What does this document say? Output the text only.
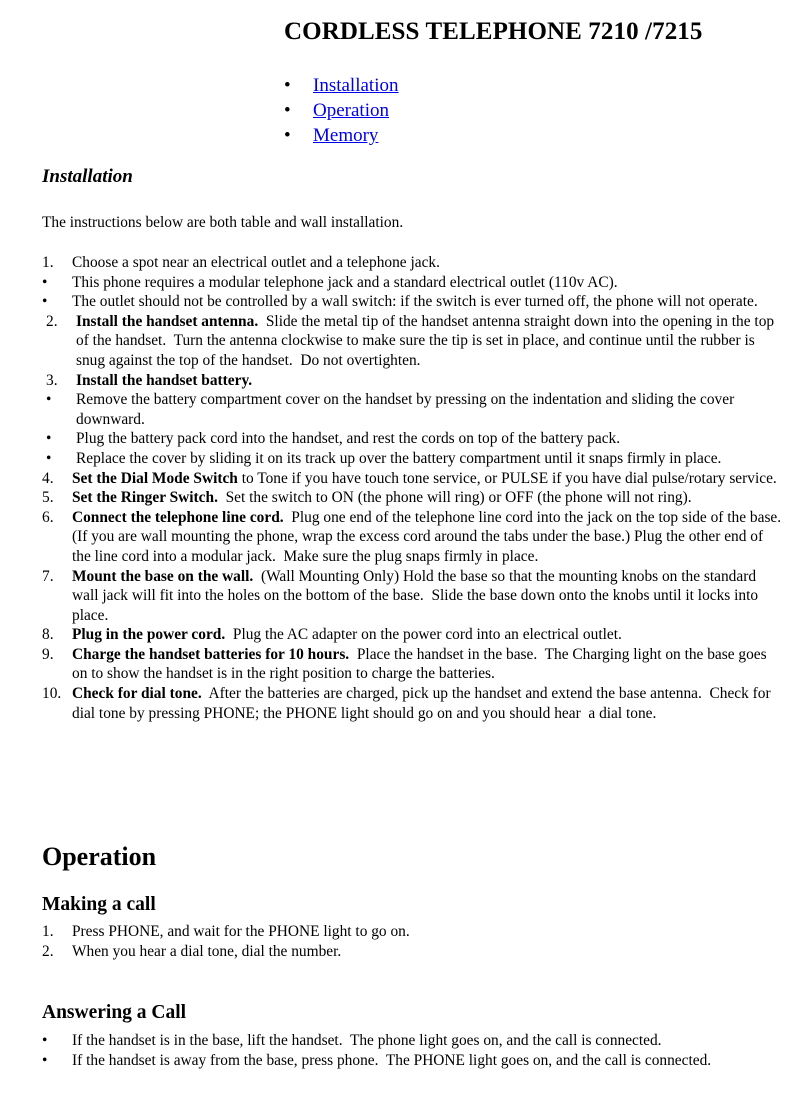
CORDLESS TELEPHONE 7210 /7215
• Installation
• Operation
• Memory
Installation

The instructions below are both table and wall installation.

1. Choose a spot near an electrical outlet and a telephone jack.
• This phone requires a modular telephone jack and a standard electrical outlet (110v AC).
• The outlet should not be controlled by a wall switch: if the switch is ever turned off, the phone will not operate.
2. Install the handset antenna.  Slide the metal tip of the handset antenna straight down into the opening in the top of the handset.  Turn the antenna clockwise to make sure the tip is set in place, and continue until the rubber is snug against the top of the handset.  Do not overtighten.
3. Install the handset battery.
• Remove the battery compartment cover on the handset by pressing on the indentation and sliding the cover downward.
• Plug the battery pack cord into the handset, and rest the cords on top of the battery pack.
• Replace the cover by sliding it on its track up over the battery compartment until it snaps firmly in place.
4. Set the Dial Mode Switch to Tone if you have touch tone service, or PULSE if you have dial pulse/rotary service.
5. Set the Ringer Switch.  Set the switch to ON (the phone will ring) or OFF (the phone will not ring).
6. Connect the telephone line cord.  Plug one end of the telephone line cord into the jack on the top side of the base.  (If you are wall mounting the phone, wrap the excess cord around the tabs under the base.) Plug the other end of the line cord into a modular jack.  Make sure the plug snaps firmly in place.
7. Mount the base on the wall.  (Wall Mounting Only) Hold the base so that the mounting knobs on the standard wall jack will fit into the holes on the bottom of the base.  Slide the base down onto the knobs until it locks into place.
8. Plug in the power cord.  Plug the AC adapter on the power cord into an electrical outlet.
9. Charge the handset batteries for 10 hours.  Place the handset in the base.  The Charging light on the base goes on to show the handset is in the right position to charge the batteries.
10. Check for dial tone.  After the batteries are charged, pick up the handset and extend the base antenna.  Check for dial tone by pressing PHONE; the PHONE light should go on and you should hear  a dial tone.
Operation
Making a call
1. Press PHONE, and wait for the PHONE light to go on.
2. When you hear a dial tone, dial the number.
Answering a Call
• If the handset is in the base, lift the handset.  The phone light goes on, and the call is connected.
• If the handset is away from the base, press phone.  The PHONE light goes on, and the call is connected.
